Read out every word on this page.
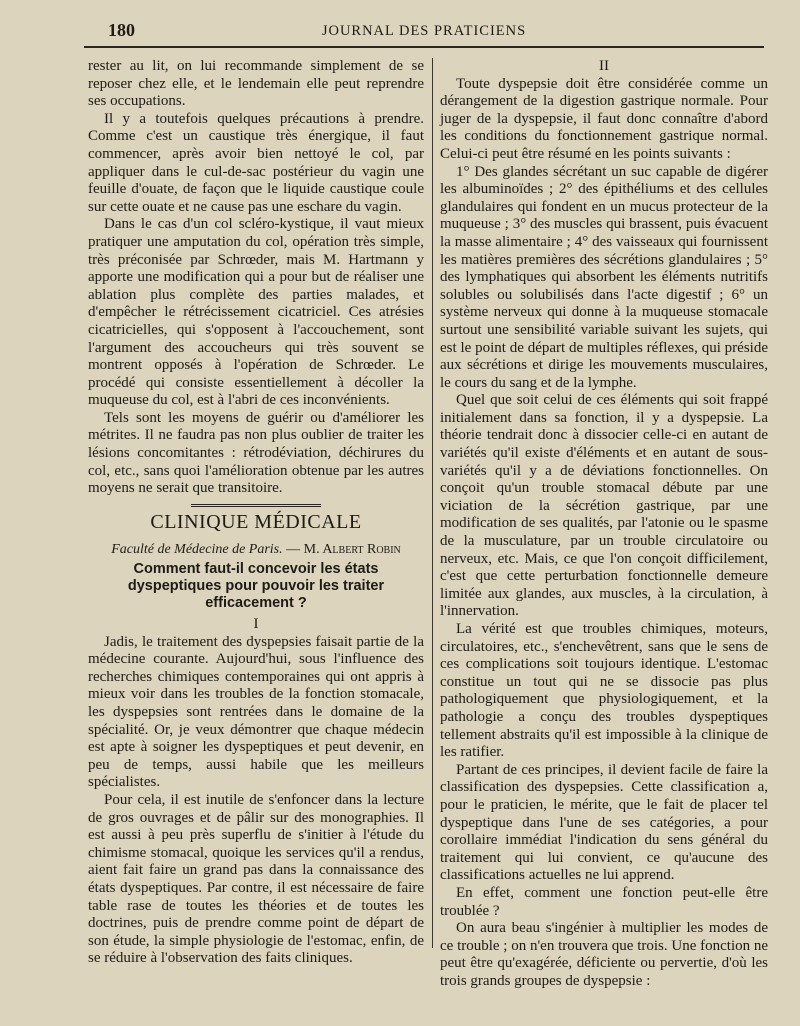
180	JOURNAL DES PRATICIENS

rester au lit, on lui recommande simplement de se reposer chez elle, et le lendemain elle peut reprendre ses occupations.

Il y a toutefois quelques précautions à prendre. Comme c'est un caustique très énergique, il faut commencer, après avoir bien nettoyé le col, par appliquer dans le cul-de-sac postérieur du vagin une feuille d'ouate, de façon que le liquide caustique coule sur cette ouate et ne cause pas une eschare du vagin.

Dans le cas d'un col scléro-kystique, il vaut mieux pratiquer une amputation du col, opération très simple, très préconisée par Schrœder, mais M. Hartmann y apporte une modification qui a pour but de réaliser une ablation plus complète des parties malades, et d'empêcher le rétrécissement cicatriciel. Ces atrésies cicatricielles, qui s'opposent à l'accouchement, sont l'argument des accoucheurs qui très souvent se montrent opposés à l'opération de Schrœder. Le procédé qui consiste essentiellement à décoller la muqueuse du col, est à l'abri de ces inconvénients.

Tels sont les moyens de guérir ou d'améliorer les métrites. Il ne faudra pas non plus oublier de traiter les lésions concomitantes : rétrodéviation, déchirures du col, etc., sans quoi l'amélioration obtenue par les autres moyens ne serait que transitoire.

CLINIQUE MÉDICALE
Faculté de Médecine de Paris. — M. Albert Robin
Comment faut-il concevoir les états dyspeptiques pour pouvoir les traiter efficacement ?
I

Jadis, le traitement des dyspepsies faisait partie de la médecine courante. Aujourd'hui, sous l'influence des recherches chimiques contemporaines qui ont appris à mieux voir dans les troubles de la fonction stomacale, les dyspepsies sont rentrées dans le domaine de la spécialité. Or, je veux démontrer que chaque médecin est apte à soigner les dyspeptiques et peut devenir, en peu de temps, aussi habile que les meilleurs spécialistes.

Pour cela, il est inutile de s'enfoncer dans la lecture de gros ouvrages et de pâlir sur des monographies. Il est aussi à peu près superflu de s'initier à l'étude du chimisme stomacal, quoique les services qu'il a rendus, aient fait faire un grand pas dans la connaissance des états dyspeptiques. Par contre, il est nécessaire de faire table rase de toutes les théories et de toutes les doctrines, puis de prendre comme point de départ de son étude, la simple physiologie de l'estomac, enfin, de se réduire à l'observation des faits cliniques.

II

Toute dyspepsie doit être considérée comme un dérangement de la digestion gastrique normale. Pour juger de la dyspepsie, il faut donc connaître d'abord les conditions du fonctionnement gastrique normal. Celui-ci peut être résumé en les points suivants :

1° Des glandes sécrétant un suc capable de digérer les albuminoïdes ; 2° des épithéliums et des cellules glandulaires qui fondent en un mucus protecteur de la muqueuse ; 3° des muscles qui brassent, puis évacuent la masse alimentaire ; 4° des vaisseaux qui fournissent les matières premières des sécrétions glandulaires ; 5° des lymphatiques qui absorbent les éléments nutritifs solubles ou solubilisés dans l'acte digestif ; 6° un système nerveux qui donne à la muqueuse stomacale surtout une sensibilité variable suivant les sujets, qui est le point de départ de multiples réflexes, qui préside aux sécrétions et dirige les mouvements musculaires, le cours du sang et de la lymphe.

Quel que soit celui de ces éléments qui soit frappé initialement dans sa fonction, il y a dyspepsie. La théorie tendrait donc à dissocier celle-ci en autant de variétés qu'il existe d'éléments et en autant de sous-variétés qu'il y a de déviations fonctionnelles. On conçoit qu'un trouble stomacal débute par une viciation de la sécrétion gastrique, par une modification de ses qualités, par l'atonie ou le spasme de la musculature, par un trouble circulatoire ou nerveux, etc. Mais, ce que l'on conçoit difficilement, c'est que cette perturbation fonctionnelle demeure limitée aux glandes, aux muscles, à la circulation, à l'innervation.

La vérité est que troubles chimiques, moteurs, circulatoires, etc., s'enchevêtrent, sans que le sens de ces complications soit toujours identique. L'estomac constitue un tout qui ne se dissocie pas plus pathologiquement que physiologiquement, et la pathologie a conçu des troubles dyspeptiques tellement abstraits qu'il est impossible à la clinique de les ratifier.

Partant de ces principes, il devient facile de faire la classification des dyspepsies. Cette classification a, pour le praticien, le mérite, que le fait de placer tel dyspeptique dans l'une de ses catégories, a pour corollaire immédiat l'indication du sens général du traitement qui lui convient, ce qu'aucune des classifications actuelles ne lui apprend.

En effet, comment une fonction peut-elle être troublée ?

On aura beau s'ingénier à multiplier les modes de ce trouble ; on n'en trouvera que trois. Une fonction ne peut être qu'exagérée, déficiente ou pervertie, d'où les trois grands groupes de dyspepsie :
